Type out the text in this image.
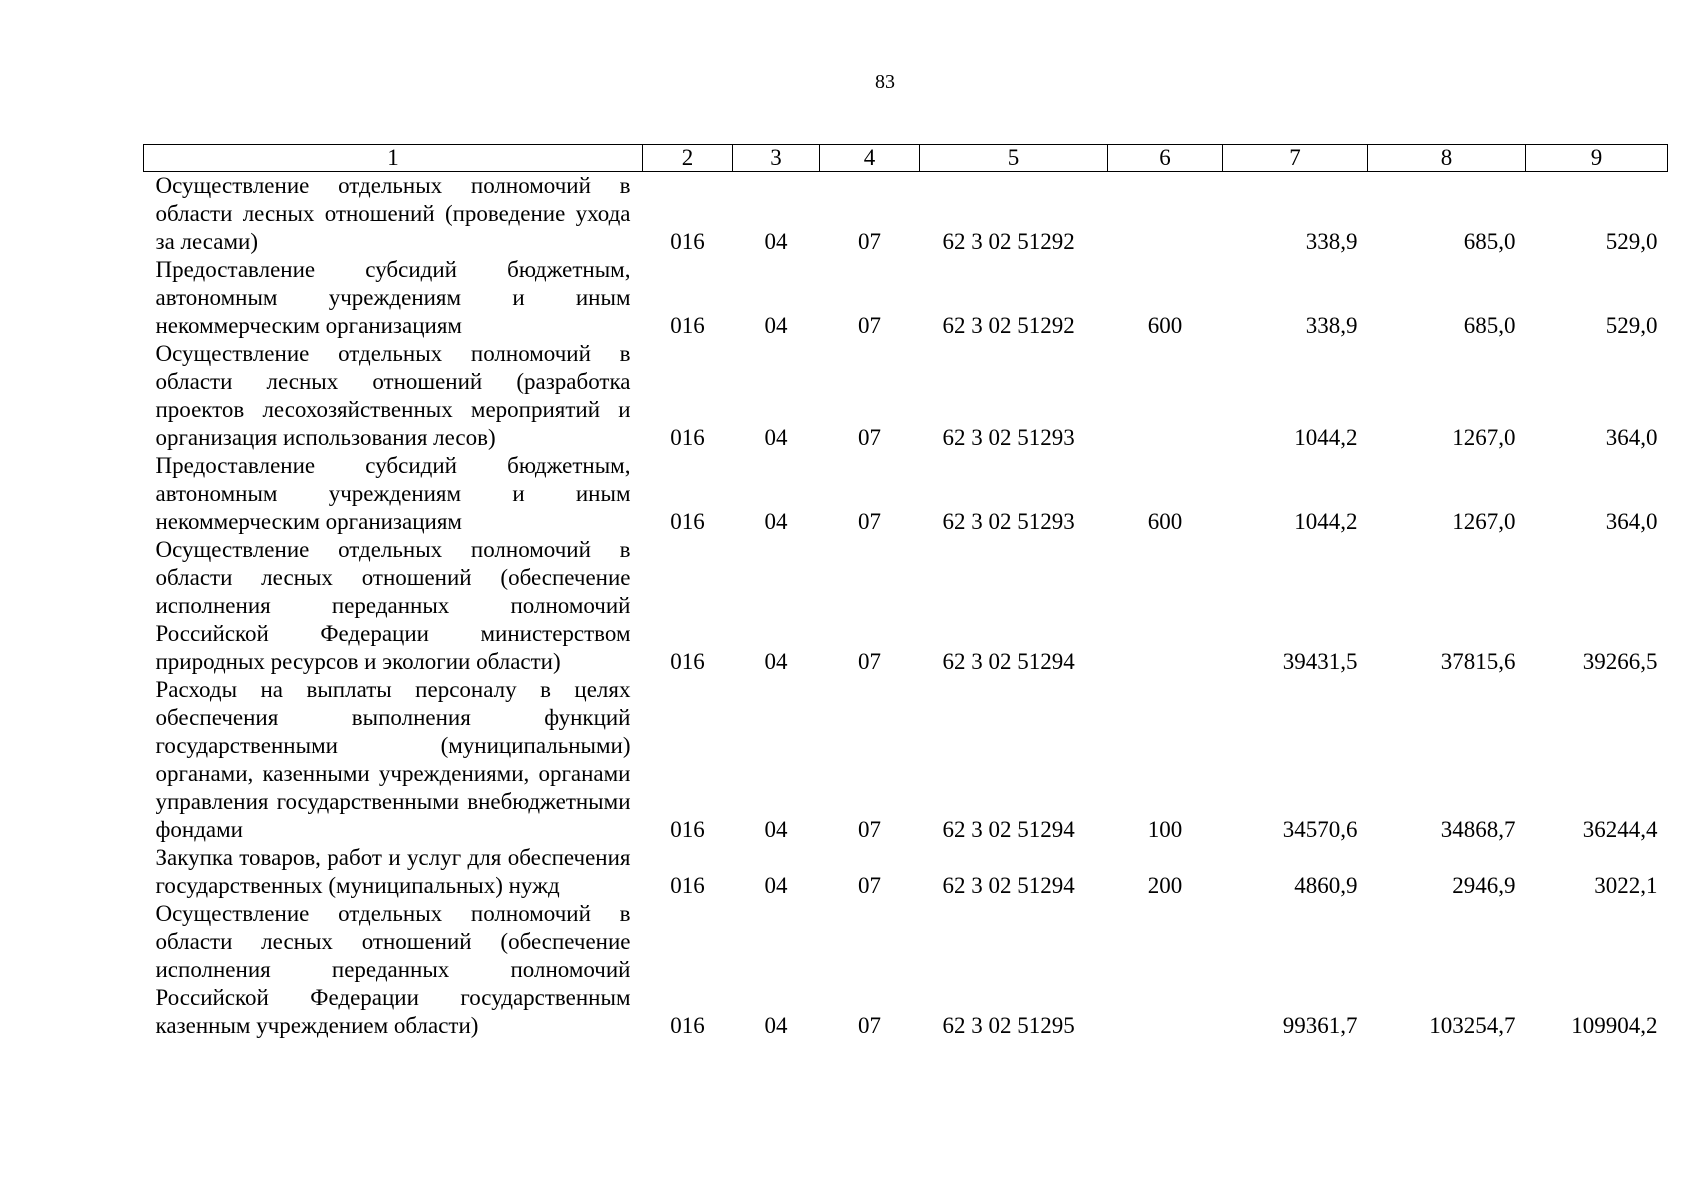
83
1	2	3	4	5	6	7	8	9
Осуществление отдельных полномочий в области лесных отношений (проведение ухода за лесами)	016	04	07	62 3 02 51292		338,9	685,0	529,0
Предоставление субсидий бюджетным, автономным учреждениям и иным некоммерческим организациям	016	04	07	62 3 02 51292	600	338,9	685,0	529,0
Осуществление отдельных полномочий в области лесных отношений (разработка проектов лесохозяйственных мероприятий и организация использования лесов)	016	04	07	62 3 02 51293		1044,2	1267,0	364,0
Предоставление субсидий бюджетным, автономным учреждениям и иным некоммерческим организациям	016	04	07	62 3 02 51293	600	1044,2	1267,0	364,0
Осуществление отдельных полномочий в области лесных отношений (обеспечение исполнения переданных полномочий Российской Федерации министерством природных ресурсов и экологии области)	016	04	07	62 3 02 51294		39431,5	37815,6	39266,5
Расходы на выплаты персоналу в целях обеспечения выполнения функций государственными (муниципальными) органами, казенными учреждениями, органами управления государственными внебюджетными фондами	016	04	07	62 3 02 51294	100	34570,6	34868,7	36244,4
Закупка товаров, работ и услуг для обеспечения государственных (муниципальных) нужд	016	04	07	62 3 02 51294	200	4860,9	2946,9	3022,1
Осуществление отдельных полномочий в области лесных отношений (обеспечение исполнения переданных полномочий Российской Федерации государственным казенным учреждением области)	016	04	07	62 3 02 51295		99361,7	103254,7	109904,2
